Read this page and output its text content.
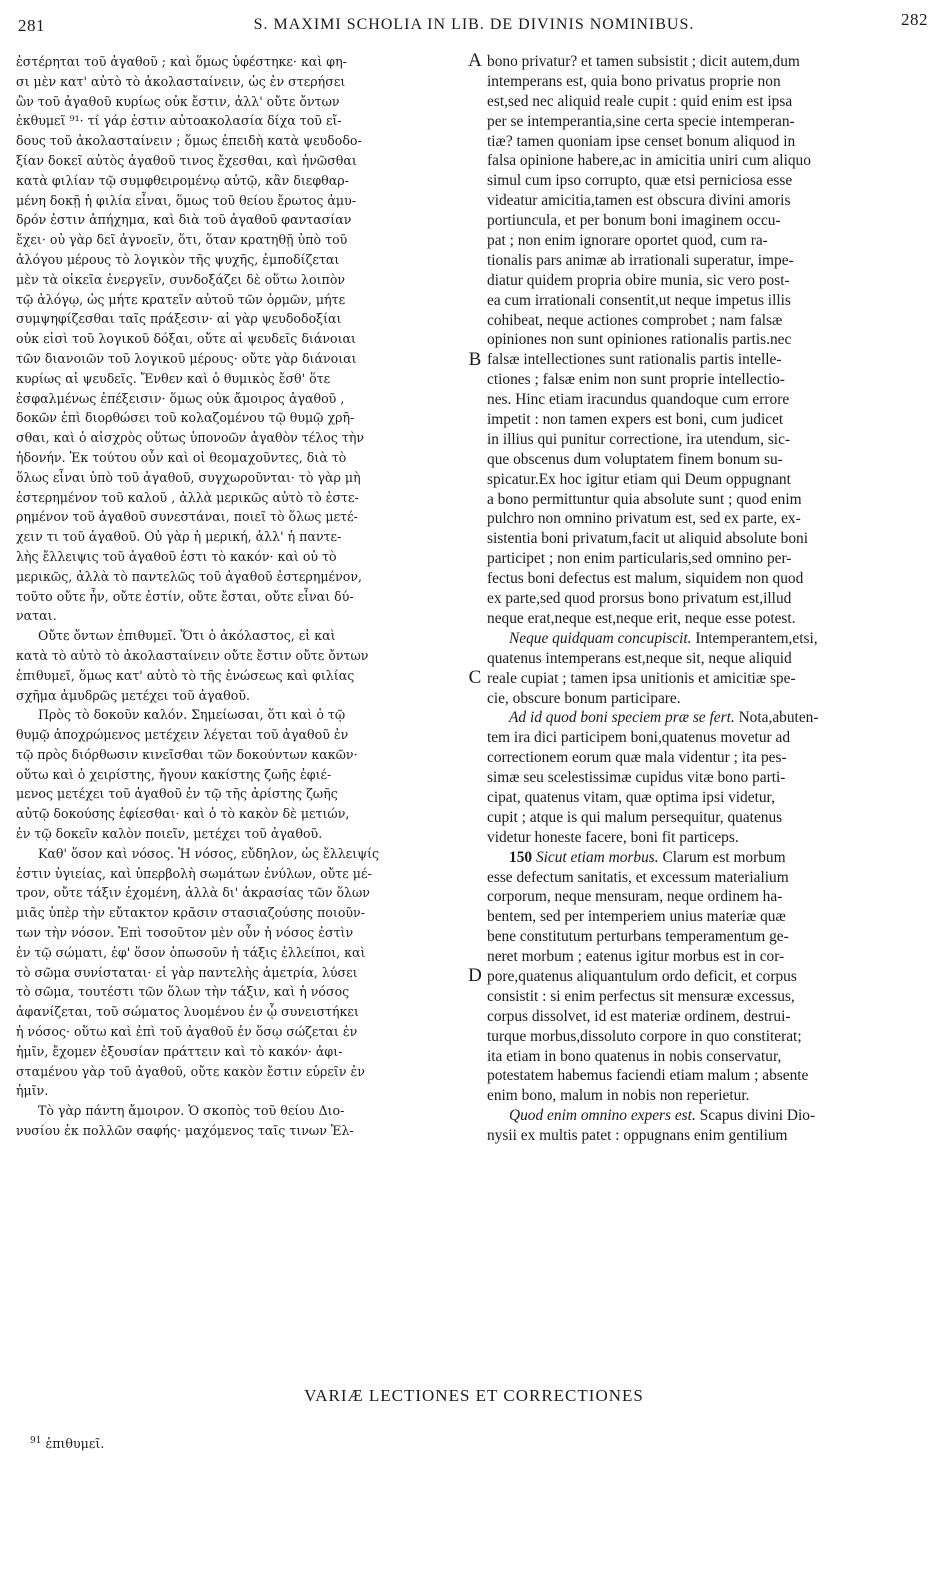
281	S. MAXIMI SCHOLIA IN LIB. DE DIVINIS NOMINIBUS.	282
ἐστέρηται τοῦ ἀγαθοῦ ; καὶ ὅμως ὑφέστηκε· καὶ φη-
σι μὲν κατ' αὐτὸ τὸ ἀκολασταίνειν, ὡς ἐν στερήσει
ὢν τοῦ ἀγαθοῦ κυρίως οὐκ ἔστιν, ἀλλ' οὔτε ὄντων
ἐκθυμεῖ ⁹¹· τί γάρ ἐστιν αὐτοακολασία δίχα τοῦ εἴ-
δους τοῦ ἀκολασταίνειν ; ὅμως ἐπειδὴ κατὰ ψευδοδο-
ξίαν δοκεῖ αὐτὸς ἀγαθοῦ τινος ἔχεσθαι, καὶ ἡνῶσθαι
κατὰ φιλίαν τῷ συμφθειρομένῳ αὐτῷ, κἂν διεφθαρ-
μένη δοκῇ ἡ φιλία εἶναι, ὅμως τοῦ θείου ἔρωτος ἀμυ-
δρόν ἐστιν ἀπήχημα, καὶ διὰ τοῦ ἀγαθοῦ φαντασίαν
ἔχει· οὐ γὰρ δεῖ ἀγνοεῖν, ὅτι, ὅταν κρατηθῇ ὑπὸ τοῦ
ἀλόγου μέρους τὸ λογικὸν τῆς ψυχῆς, ἐμποδίζεται
μὲν τὰ οἰκεῖα ἐνεργεῖν, συνδοξάζει δὲ οὕτω λοιπὸν
τῷ ἀλόγῳ, ὡς μήτε κρατεῖν αὐτοῦ τῶν ὁρμῶν, μήτε
συμψηφίζεσθαι ταῖς πράξεσιν· αἱ γὰρ ψευδοδοξίαι
οὐκ εἰσὶ τοῦ λογικοῦ δόξαι, οὔτε αἱ ψευδεῖς διάνοιαι
τῶν διανοιῶν τοῦ λογικοῦ μέρους· οὔτε γὰρ διάνοιαι
κυρίως αἱ ψευδεῖς. Ἔνθεν καὶ ὁ θυμικὸς ἔσθ' ὅτε
ἐσφαλμένως ἐπέξεισιν· ὅμως οὐκ ἄμοιρος ἀγαθοῦ ,
δοκῶν ἐπὶ διορθώσει τοῦ κολαζομένου τῷ θυμῷ χρῆ-
σθαι, καὶ ὁ αἰσχρὸς οὕτως ὑπονοῶν ἀγαθὸν τέλος τὴν
ἡδονήν. Ἐκ τούτου οὖν καὶ οἱ θεομαχοῦντες, διὰ τὸ
ὅλως εἶναι ὑπὸ τοῦ ἀγαθοῦ, συγχωροῦνται· τὸ γὰρ μὴ
ἐστερημένον τοῦ καλοῦ , ἀλλὰ μερικῶς αὐτὸ τὸ ἐστε-
ρημένον τοῦ ἀγαθοῦ συνεστάναι, ποιεῖ τὸ ὅλως μετέ-
χειν τι τοῦ ἀγαθοῦ. Οὐ γὰρ ἡ μερική, ἀλλ' ἡ παντε-
λὴς ἔλλειψις τοῦ ἀγαθοῦ ἐστι τὸ κακόν· καὶ οὐ τὸ
μερικῶς, ἀλλὰ τὸ παντελῶς τοῦ ἀγαθοῦ ἐστερημένον,
τοῦτο οὔτε ἦν, οὔτε ἐστίν, οὔτε ἔσται, οὔτε εἶναι δύ-
ναται.
Οὔτε ὄντων ἐπιθυμεῖ. Ὅτι ὁ ἀκόλαστος, εἰ καὶ
κατὰ τὸ αὐτὸ τὸ ἀκολασταίνειν οὔτε ἔστιν οὔτε ὄντων
ἐπιθυμεῖ, ὅμως κατ' αὐτὸ τὸ τῆς ἑνώσεως καὶ φιλίας
σχῆμα ἀμυδρῶς μετέχει τοῦ ἀγαθοῦ.
Πρὸς τὸ δοκοῦν καλόν. Σημείωσαι, ὅτι καὶ ὁ τῷ
θυμῷ ἀποχρώμενος μετέχειν λέγεται τοῦ ἀγαθοῦ ἐν
τῷ πρὸς διόρθωσιν κινεῖσθαι τῶν δοκούντων κακῶν·
οὕτω καὶ ὁ χειρίστης, ἤγουν κακίστης ζωῆς ἐφιέ-
μενος μετέχει τοῦ ἀγαθοῦ ἐν τῷ τῆς ἀρίστης ζωῆς
αὐτῷ δοκούσης ἐφίεσθαι· καὶ ὁ τὸ κακὸν δὲ μετιών,
ἐν τῷ δοκεῖν καλὸν ποιεῖν, μετέχει τοῦ ἀγαθοῦ.
Καθ' ὅσον καὶ νόσος. Ἡ νόσος, εὔδηλον, ὡς ἔλλειψίς
ἐστιν ὑγιείας, καὶ ὑπερβολὴ σωμάτων ἐνύλων, οὔτε μέ-
τρον, οὔτε τάξιν ἐχομένη, ἀλλὰ δι' ἀκρασίας τῶν ὅλων
μιᾶς ὑπὲρ τὴν εὔτακτον κρᾶσιν στασιαζούσης ποιοῦν-
των τὴν νόσον. Ἐπὶ τοσοῦτον μὲν οὖν ἡ νόσος ἐστὶν
ἐν τῷ σώματι, ἐφ' ὅσον ὁπωσοῦν ἡ τάξις ἐλλείποι, καὶ
τὸ σῶμα συνίσταται· εἰ γὰρ παντελὴς ἀμετρία, λύσει
τὸ σῶμα, τουτέστι τῶν ὅλων τὴν τάξιν, καὶ ἡ νόσος
ἀφανίζεται, τοῦ σώματος λυομένου ἐν ᾧ συνειστήκει
ἡ νόσος· οὕτω καὶ ἐπὶ τοῦ ἀγαθοῦ ἐν ὅσῳ σώζεται ἐν
ἡμῖν, ἔχομεν ἐξουσίαν πράττειν καὶ τὸ κακόν· ἀφι-
σταμένου γὰρ τοῦ ἀγαθοῦ, οὔτε κακὸν ἔστιν εὑρεῖν ἐν
ἡμῖν.
Τὸ γὰρ πάντη ἄμοιρον. Ὁ σκοπὸς τοῦ θείου Διο-
νυσίου ἐκ πολλῶν σαφής· μαχόμενος ταῖς τινων Ἑλ-
A
B
C
D
bono privatur? et tamen subsistit ; dicit autem,dum
intemperans est, quia bono privatus proprie non
est,sed nec aliquid reale cupit : quid enim est ipsa
per se intemperantia,sine certa specie intemperan-
tiæ? tamen quoniam ipse censet bonum aliquod in
falsa opinione habere,ac in amicitia uniri cum aliquo
simul cum ipso corrupto, quæ etsi perniciosa esse
videatur amicitia,tamen est obscura divini amoris
portiuncula, et per bonum boni imaginem occu-
pat ; non enim ignorare oportet quod, cum ra-
tionalis pars animæ ab irrationali superatur, impe-
diatur quidem propria obire munia, sic vero post-
ea cum irrationali consentit,ut neque impetus illis
cohibeat, neque actiones comprobet ; nam falsæ
opiniones non sunt opiniones rationalis partis.nec
falsæ intellectiones sunt rationalis partis intelle-
ctiones ; falsæ enim non sunt proprie intellectio-
nes. Hinc etiam iracundus quandoque cum errore
impetit : non tamen expers est boni, cum judicet
in illius qui punitur correctione, ira utendum, sic-
que obscenus dum voluptatem finem bonum su-
spicatur.Ex hoc igitur etiam qui Deum oppugnant
a bono permittuntur quia absolute sunt ; quod enim
pulchro non omnino privatum est, sed ex parte, ex-
sistentia boni privatum,facit ut aliquid absolute boni
participet ; non enim particularis,sed omnino per-
fectus boni defectus est malum, siquidem non quod
ex parte,sed quod prorsus bono privatum est,illud
neque erat,neque est,neque erit, neque esse potest.
Neque quidquam concupiscit. Intemperantem,etsi,
quatenus intemperans est,neque sit, neque aliquid
reale cupiat ; tamen ipsa unitionis et amicitiæ spe-
cie, obscure bonum participare.
Ad id quod boni speciem præ se fert. Nota,abuten-
tem ira dici participem boni,quatenus movetur ad
correctionem eorum quæ mala videntur ; ita pes-
simæ seu scelestissimæ cupidus vitæ bono parti-
cipat, quatenus vitam, quæ optima ipsi videtur,
cupit ; atque is qui malum persequitur, quatenus
videtur honeste facere, boni fit particeps.
150 Sicut etiam morbus. Clarum est morbum
esse defectum sanitatis, et excessum materialium
corporum, neque mensuram, neque ordinem ha-
bentem, sed per intemperiem unius materiæ quæ
bene constitutum perturbans temperamentum ge-
neret morbum ; eatenus igitur morbus est in cor-
pore,quatenus aliquantulum ordo deficit, et corpus
consistit : si enim perfectus sit mensuræ excessus,
corpus dissolvet, id est materiæ ordinem, destrui-
turque morbus,dissoluto corpore in quo constiterat;
ita etiam in bono quatenus in nobis conservatur,
potestatem habemus faciendi etiam malum ; absente
enim bono, malum in nobis non reperietur.
Quod enim omnino expers est. Scapus divini Dio-
nysii ex multis patet : oppugnans enim gentilium
VARIÆ LECTIONES ET CORRECTIONES
$^{91}$ ἐπιθυμεῖ.
